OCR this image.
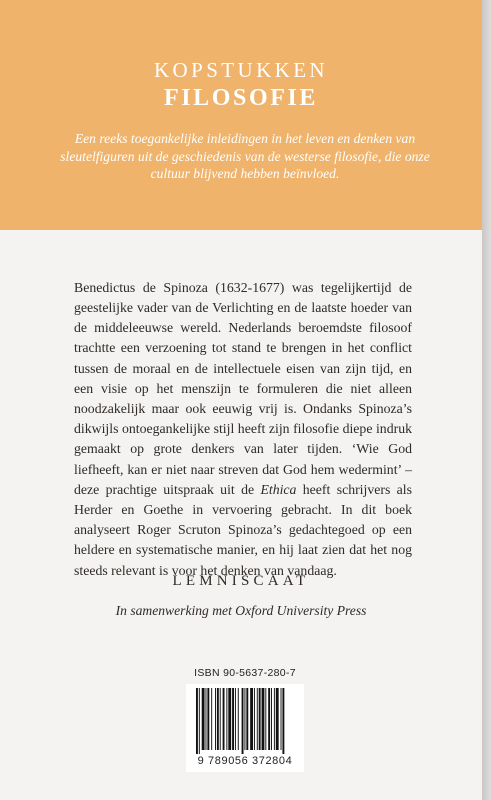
KOPSTUKKEN
FILOSOFIE
Een reeks toegankelijke inleidingen in het leven en denken van sleutelfiguren uit de geschiedenis van de westerse filosofie, die onze cultuur blijvend hebben beïnvloed.

Benedictus de Spinoza (1632-1677) was tegelijkertijd de geestelijke vader van de Verlichting en de laatste hoeder van de middeleeuwse wereld. Nederlands beroemdste filosoof trachtte een verzoening tot stand te brengen in het conflict tussen de moraal en de intellectuele eisen van zijn tijd, en een visie op het menszijn te formuleren die niet alleen noodzakelijk maar ook eeuwig vrij is. Ondanks Spinoza’s dikwijls ontoegankelijke stijl heeft zijn filosofie diepe indruk gemaakt op grote denkers van later tijden. ‘Wie God liefheeft, kan er niet naar streven dat God hem wedermint’ – deze prachtige uitspraak uit de Ethica heeft schrijvers als Herder en Goethe in vervoering gebracht. In dit boek analyseert Roger Scruton Spinoza’s gedachtegoed op een heldere en systematische manier, en hij laat zien dat het nog steeds relevant is voor het denken van vandaag.

LEMNISCAAT
In samenwerking met Oxford University Press
ISBN 90-5637-280-7
9 789056 372804
